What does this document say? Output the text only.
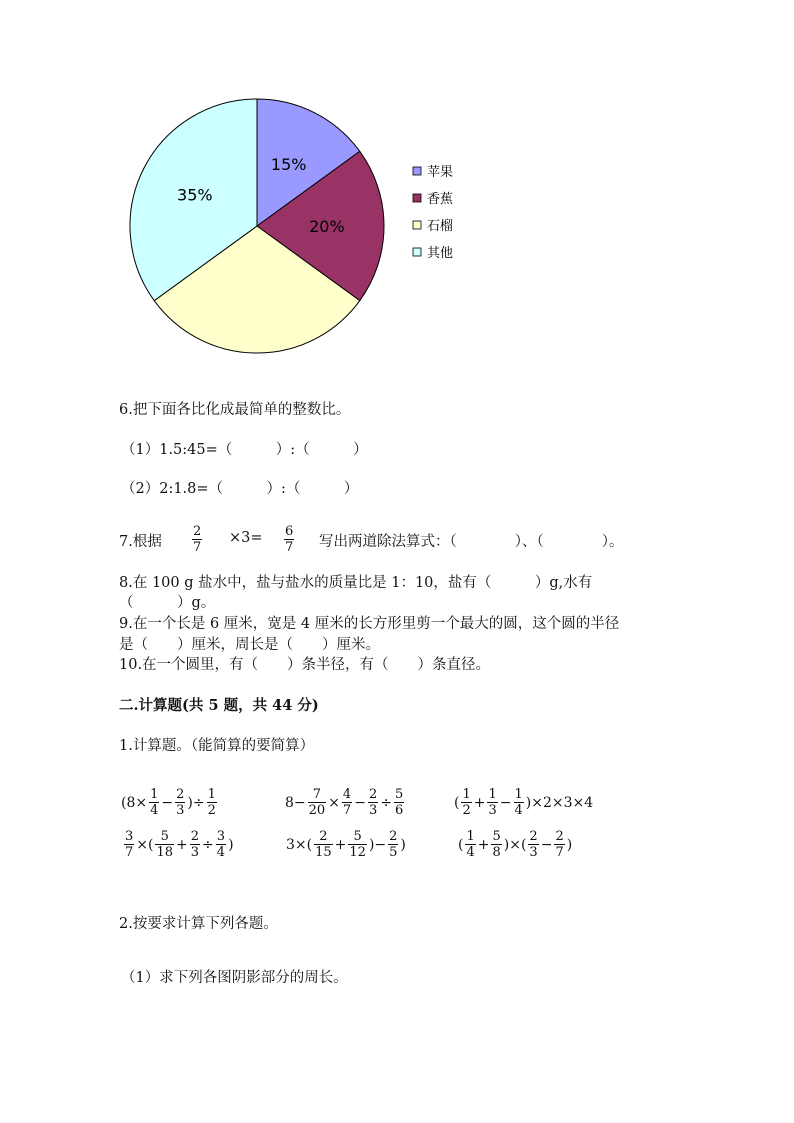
15%
20%
35%
苹果
香蕉
石榴
其他
6.把下面各比化成最简单的整数比。
（1）1.5:45=（　　　）:（　　　）
（2）2:1.8=（　　　）:（　　　）
7.根据 $\frac{2}{7} \times 3= \frac{6}{7}$ 写出两道除法算式：（　　　　）、（　　　　）。
8.在 100 g 盐水中，盐与盐水的质量比是 1：10，盐有（　　　）g,水有
（　　　）g。
9.在一个长是 6 厘米，宽是 4 厘米的长方形里剪一个最大的圆，这个圆的半径
是（　　）厘米，周长是（　　）厘米。
10.在一个圆里，有（　　）条半径，有（　　）条直径。
二.计算题(共 5 题，共 44 分)
1.计算题。（能简算的要简算）
($8\times \frac{1}{4} - \frac{2}{3}$ )÷ $\frac{1}{2}$	$8- \frac{7}{20} \times \frac{4}{7} - \frac{2}{3} \div \frac{5}{6}$	( $\frac{1}{2} + \frac{1}{3} - \frac{1}{4} )\times 2\times 3\times 4$
$\frac{3}{7}$ ×( $\frac{5}{18} + \frac{2}{3} \div \frac{3}{4}$ )	$3\times( \frac{2}{15} + \frac{5}{12}$ )− $\frac{2}{5}$ )	( $\frac{1}{4} + \frac{5}{8}$ )×( $\frac{2}{3} - \frac{2}{7}$ )
2.按要求计算下列各题。
（1）求下列各图阴影部分的周长。
